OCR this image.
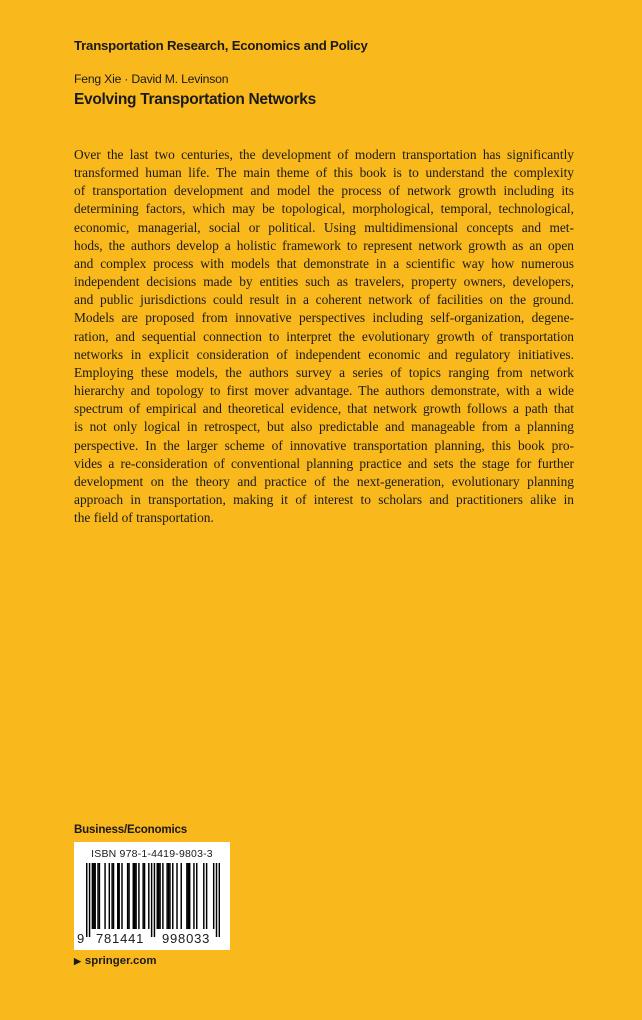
Transportation Research, Economics and Policy
Feng Xie · David M. Levinson
Evolving Transportation Networks
Over the last two centuries, the development of modern transportation has significantly
transformed human life. The main theme of this book is to understand the complexity
of transportation development and model the process of network growth including its
determining factors, which may be topological, morphological, temporal, technological,
economic, managerial, social or political. Using multidimensional concepts and met-
hods, the authors develop a holistic framework to represent network growth as an open
and complex process with models that demonstrate in a scientific way how numerous
independent decisions made by entities such as travelers, property owners, developers,
and public jurisdictions could result in a coherent network of facilities on the ground.
Models are proposed from innovative perspectives including self-organization, degene-
ration, and sequential connection to interpret the evolutionary growth of transportation
networks in explicit consideration of independent economic and regulatory initiatives.
Employing these models, the authors survey a series of topics ranging from network
hierarchy and topology to first mover advantage. The authors demonstrate, with a wide
spectrum of empirical and theoretical evidence, that network growth follows a path that
is not only logical in retrospect, but also predictable and manageable from a planning
perspective. In the larger scheme of innovative transportation planning, this book pro-
vides a re-consideration of conventional planning practice and sets the stage for further
development on the theory and practice of the next-generation, evolutionary planning
approach in transportation, making it of interest to scholars and practitioners alike in
the field of transportation.
Business/Economics
ISBN 978-1-4419-9803-3
9 781441 998033
▶ springer.com
